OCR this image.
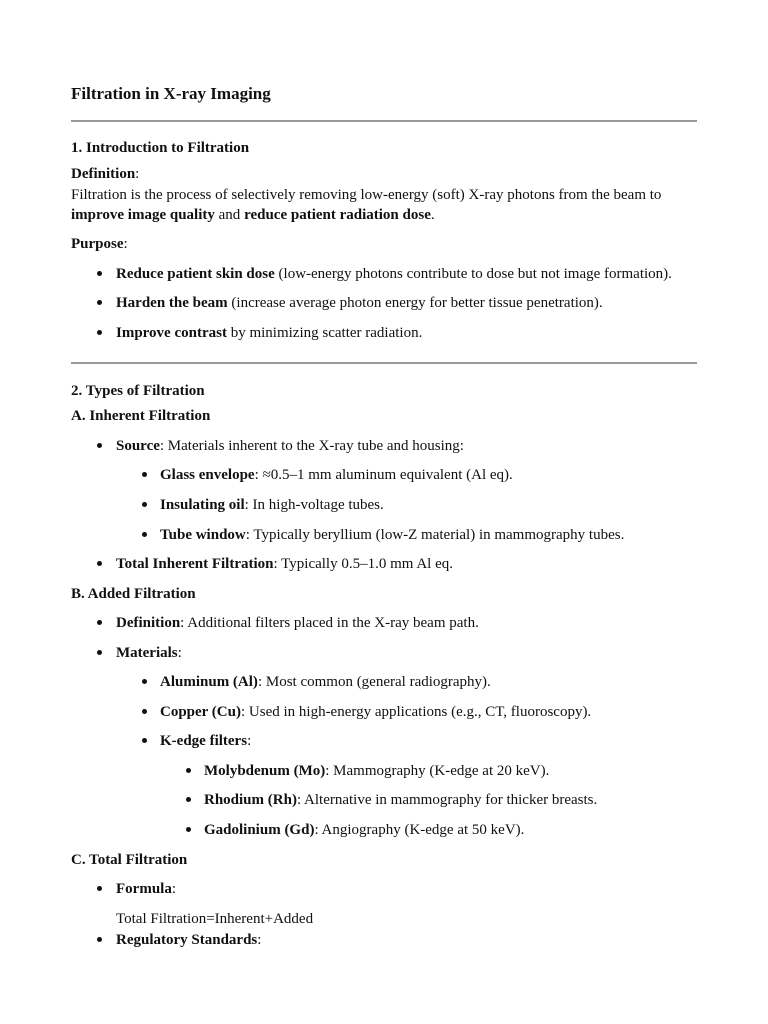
Filtration in X-ray Imaging
1. Introduction to Filtration
Definition:
Filtration is the process of selectively removing low-energy (soft) X-ray photons from the beam to
improve image quality and reduce patient radiation dose.
Purpose:
Reduce patient skin dose (low-energy photons contribute to dose but not image formation).
Harden the beam (increase average photon energy for better tissue penetration).
Improve contrast by minimizing scatter radiation.
2. Types of Filtration
A. Inherent Filtration
Source: Materials inherent to the X-ray tube and housing:
Glass envelope: ≈0.5–1 mm aluminum equivalent (Al eq).
Insulating oil: In high-voltage tubes.
Tube window: Typically beryllium (low-Z material) in mammography tubes.
Total Inherent Filtration: Typically 0.5–1.0 mm Al eq.
B. Added Filtration
Definition: Additional filters placed in the X-ray beam path.
Materials:
Aluminum (Al): Most common (general radiography).
Copper (Cu): Used in high-energy applications (e.g., CT, fluoroscopy).
K-edge filters:
Molybdenum (Mo): Mammography (K-edge at 20 keV).
Rhodium (Rh): Alternative in mammography for thicker breasts.
Gadolinium (Gd): Angiography (K-edge at 50 keV).
C. Total Filtration
Formula:
Total Filtration=Inherent+Added
Regulatory Standards:
